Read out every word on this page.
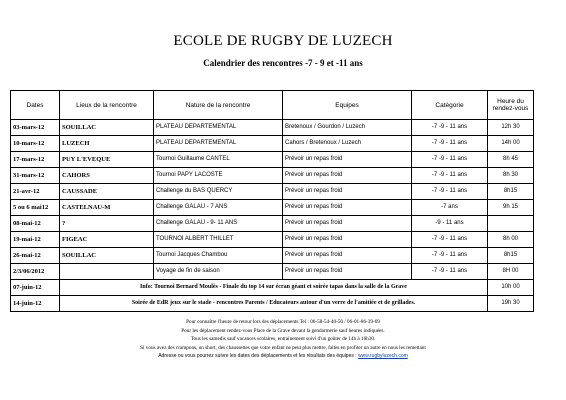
ECOLE DE RUGBY DE LUZECH
Calendrier des rencontres -7 - 9 et -11 ans
Dates	Lieux de la rencontre	Nature de la rencontre	Equipes	Catégorie	Heure du rendez-vous
03-mars-12	SOUILLAC	PLATEAU DEPARTEMENTAL	Bretenoux / Gourdon / Luzech	-7 -9 - 11 ans	12h 30
10-mars-12	LUZECH	PLATEAU DEPARTEMENTAL	Cahors / Bretenoux / Luzech	-7 -9 - 11 ans	14h 00
17-mars-12	PUY L'EVEQUE	Tournoi Guillaume CANTEL	Prévoir un repas froid	-7 -9 - 11 ans	8h 45
31-mars-12	CAHORS	Tournoi PAPY LACOSTE	Prévoir un repas froid	-7 -9 - 11 ans	8h 30
21-avr-12	CAUSSADE	Challenge du BAS QUERCY	Prévoir un repas froid	-7 -9 - 11 ans	8h15
5 ou 6 mai12	CASTELNAU-M	Challenge GALAU - 7 ANS	Prévoir un repas froid	-7 ans	9h 15
08-mai-12	?	Challenge GALAU - 9- 11 ANS	Prévoir un repas froid	-9 - 11 ans	
19-mai-12	FIGEAC	TOURNOI ALBERT THILLET	Prévoir un repas froid	-7 -9 - 11 ans	8h 00
26-mai-12	SOUILLAC	Tournoi Jacques Chambou	Prévoir un repas froid	-7 -9 - 11 ans	8h15
2/3/06/2012		Voyage de fin de saison	Prévoir un repas froid	-7 -9 - 11 ans	8H 00
07-juin-12	Info: Tournoi Bernard Moulès - Finale du top 14 sur écran géant et soirée tapas dans la salle de la Grave				10h 00
14-juin-12	Soirée de EdR jeux sur le stade - rencontres Parents / Educateurs autour d'un verre de l'amitiée et de grillades.				19h 30
Pour connaître l'heure de retour lors des déplacements Tel : 06-58-54-40-50 / 06-01-86-39-69
Pour les déplacement rendez-vous Place de la Grave devant la gendarmerie sauf heures indiquées.
Tous les samedis sauf vacances scolaires, entrainement suivi d'un goûter de 14h à 16h30.
Si vous avez des crampons, un short, des chaussettes que votre enfant ne peut plus mettre, faites en profiter un autre en nous les remettant
Adresse ou vous pourrez suivre les dates des déplacements et les résultats des équipes : www.rugbyluzech.com
